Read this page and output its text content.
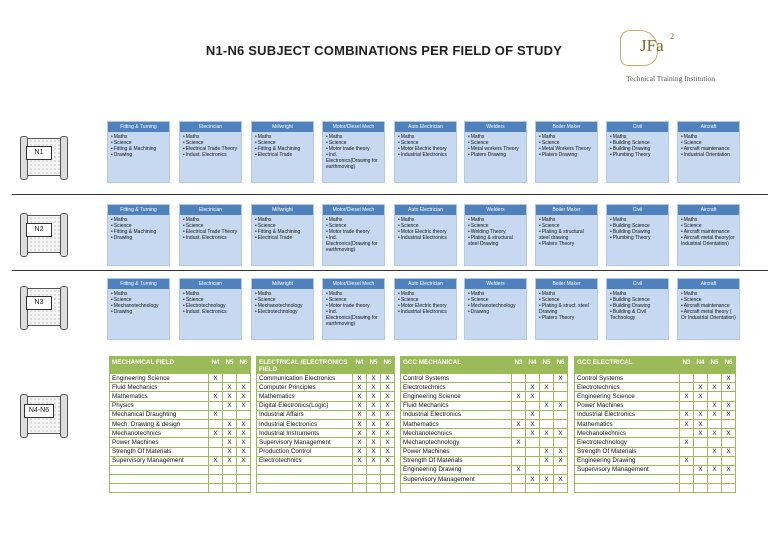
N1-N6 SUBJECT COMBINATIONS PER FIELD OF STUDY	JFa 2
Technical Training Institution
N1
Fitting & Turning
• Maths
• Science
• Fitting & Machining
• Drawing
Electrician
• Maths
• Science
• Electrical Trade Theory
• Indust. Electronics
Millwright
• Maths
• Science
• Fitting & Machining
• Electrical Trade
Motor/Diesel Mech
• Maths
• Science
• Motor trade theory
• Ind. Electronics(Drawing for earthmoving)
Auto Electrician
• Maths
• Science
• Motor Electric theory
• Industrial Electronics
Welders
• Maths
• Science
• Metal workers Theory
• Platers Drawing
Boiler Maker
• Maths
• Science
• Metal Workers Theory
• Platers Drawing
Civil
• Maths
• Building Science
• Building Drawing
• Plumbing Theory
Aircraft
• Maths
• Science
• Aircraft maintenance
• Industrial Orientation
N2
Fitting & Turning
• Maths
• Science
• Fitting & Machining
• Drawing
Electrician
• Maths
• Science
• Electrical Trade Theory
• Indust. Electronics
Millwright
• Maths
• Science
• Fitting & Machining
• Electrical Trade
Motor/Diesel Mech
• Maths
• Science
• Motor trade theory
• Ind. Electronics(Drawing for earthmoving)
Auto Electrician
• Maths
• Science
• Motor Electric theory
• Industrial Electronics
Welders
• Maths
• Science
• Welding Theory
• Plating & structural steel Drawing
Boiler Maker
• Maths
• Science
• Plating & structural steel drawing
• Platers Theory
Civil
• Maths
• Building Science
• Building Drawing
• Plumbing Theory
Aircraft
• Maths
• Science
• Aircraft maintenance
• Aircraft metal theory(or Industrial Orientation)
N3
Fitting & Turning
• Maths
• Science
• Mechanotechnology
• Drawing
Electrician
• Maths
• Science
• Electrotechnology
• Indust. Electronics
Millwright
• Maths
• Science
• Mechanotechnology
• Electrotechnology
Motor/Diesel Mech
• Maths
• Science
• Motor trade theory
• Ind. Electronics(Drawing for earthmoving)
Auto Electrician
• Maths
• Science
• Motor Electric theory
• Industrial Electronics
Welders
• Maths
• Science
• Mechanotechnology
• Drawing
Boiler Maker
• Maths
• Science
• Plating & struct. steel Drawing
• Platers Theory
Civil
• Maths
• Building Science
• Building Drawing
• Building & Civil Technology
Aircraft
• Maths
• Science
• Aircraft maintenance
• Aircraft metal theory ( Or Industrial Orientation)
N4-N6
MECHANICAL FIELD	N4	N5	N6
Engineering Science	X		
Fluid Mechanics		X	X
Mathematics	X	X	X
Physics		X	X
Mechanical Draughting	X		
Mech. Drawing & design		X	X
Mechanotechnics	X	X	X
Power Machines		X	X
Strength Of Materials		X	X
Supervisory Management	X	X	X

ELECTRICAL /ELECTRONICS FIELD	N4	N5	N6
Communication Electronics	X	X	X
Computer Principles	X	X	X
Mathematics	X	X	X
Digital Electronics(Logic)	X	X	X
Industrial Affairs	X	X	X
Industrial Electronics	X	X	X
Industrial Instruments	X	X	X
Supervisory Management	X	X	X
Production Control	X	X	X
Electrotechnics	X	X	X

GCC MECHANICAL	N3	N4	N5	N6
Control Systems				X
Electrotechnics		X	X	
Engineering Science	X	X		
Fluid Mechanics			X	X
Industrial Electronics		X		
Mathematics	X	X		
Mechanotechnics		X	X	X
Mechanotechnology	X			
Power Machines			X	X
Strength Of Materials			X	X
Engineering Drawing	X			
Supervisory Management		X	X	X

GCC ELECTRICAL	N3	N4	N5	N6
Control Systems				X
Electrotechnics		X	X	X
Engineering Science	X	X		
Power Machines			X	X
Industrial Electronics	X	X	X	X
Mathematics	X	X		
Mechanotechnics		X	X	X
Electrotechnology	X			
Strength Of Materials			X	X
Engineering Drawing	X			
Supervisory Management		X	X	X
